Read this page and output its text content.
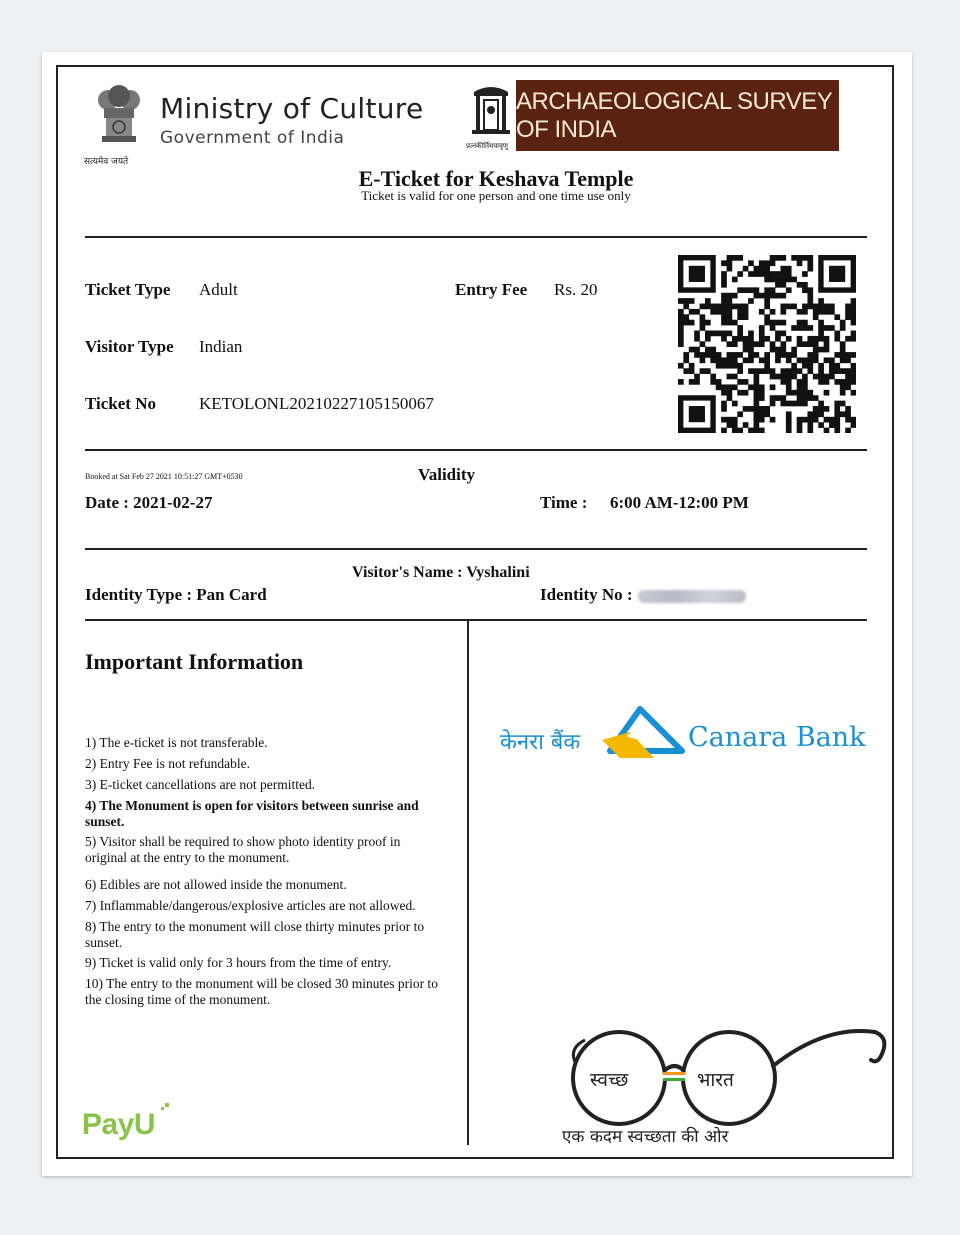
सत्यमेव जयते
Ministry of Culture
Government of India	प्रत्नकीर्तिमपावृणु
ARCHAEOLOGICAL SURVEY OF INDIA
E-Ticket for Keshava Temple
Ticket is valid for one person and one time use only
Ticket Type Adult	Entry Fee Rs. 20
Visitor Type Indian
Ticket No	KETOLONL20210227105150067
Booked at Sat Feb 27 2021 10:51:27 GMT+0530	Validity
Date : 2021-02-27	Time : 6:00 AM-12:00 PM
Visitor's Name : Vyshalini
Identity Type : Pan Card	Identity No :
Important Information
1) The e-ticket is not transferable.
2) Entry Fee is not refundable.
3) E-ticket cancellations are not permitted.
4) The Monument is open for visitors between sunrise and sunset.
5) Visitor shall be required to show photo identity proof in original at the entry to the monument.
6) Edibles are not allowed inside the monument.
7) Inflammable/dangerous/explosive articles are not allowed.
8) The entry to the monument will close thirty minutes prior to sunset.
9) Ticket is valid only for 3 hours from the time of entry.
10) The entry to the monument will be closed 30 minutes prior to the closing time of the monument.
PayU
केनरा बैंक	Canara Bank
स्वच्छ	भारत
एक कदम स्वच्छता की ओर
